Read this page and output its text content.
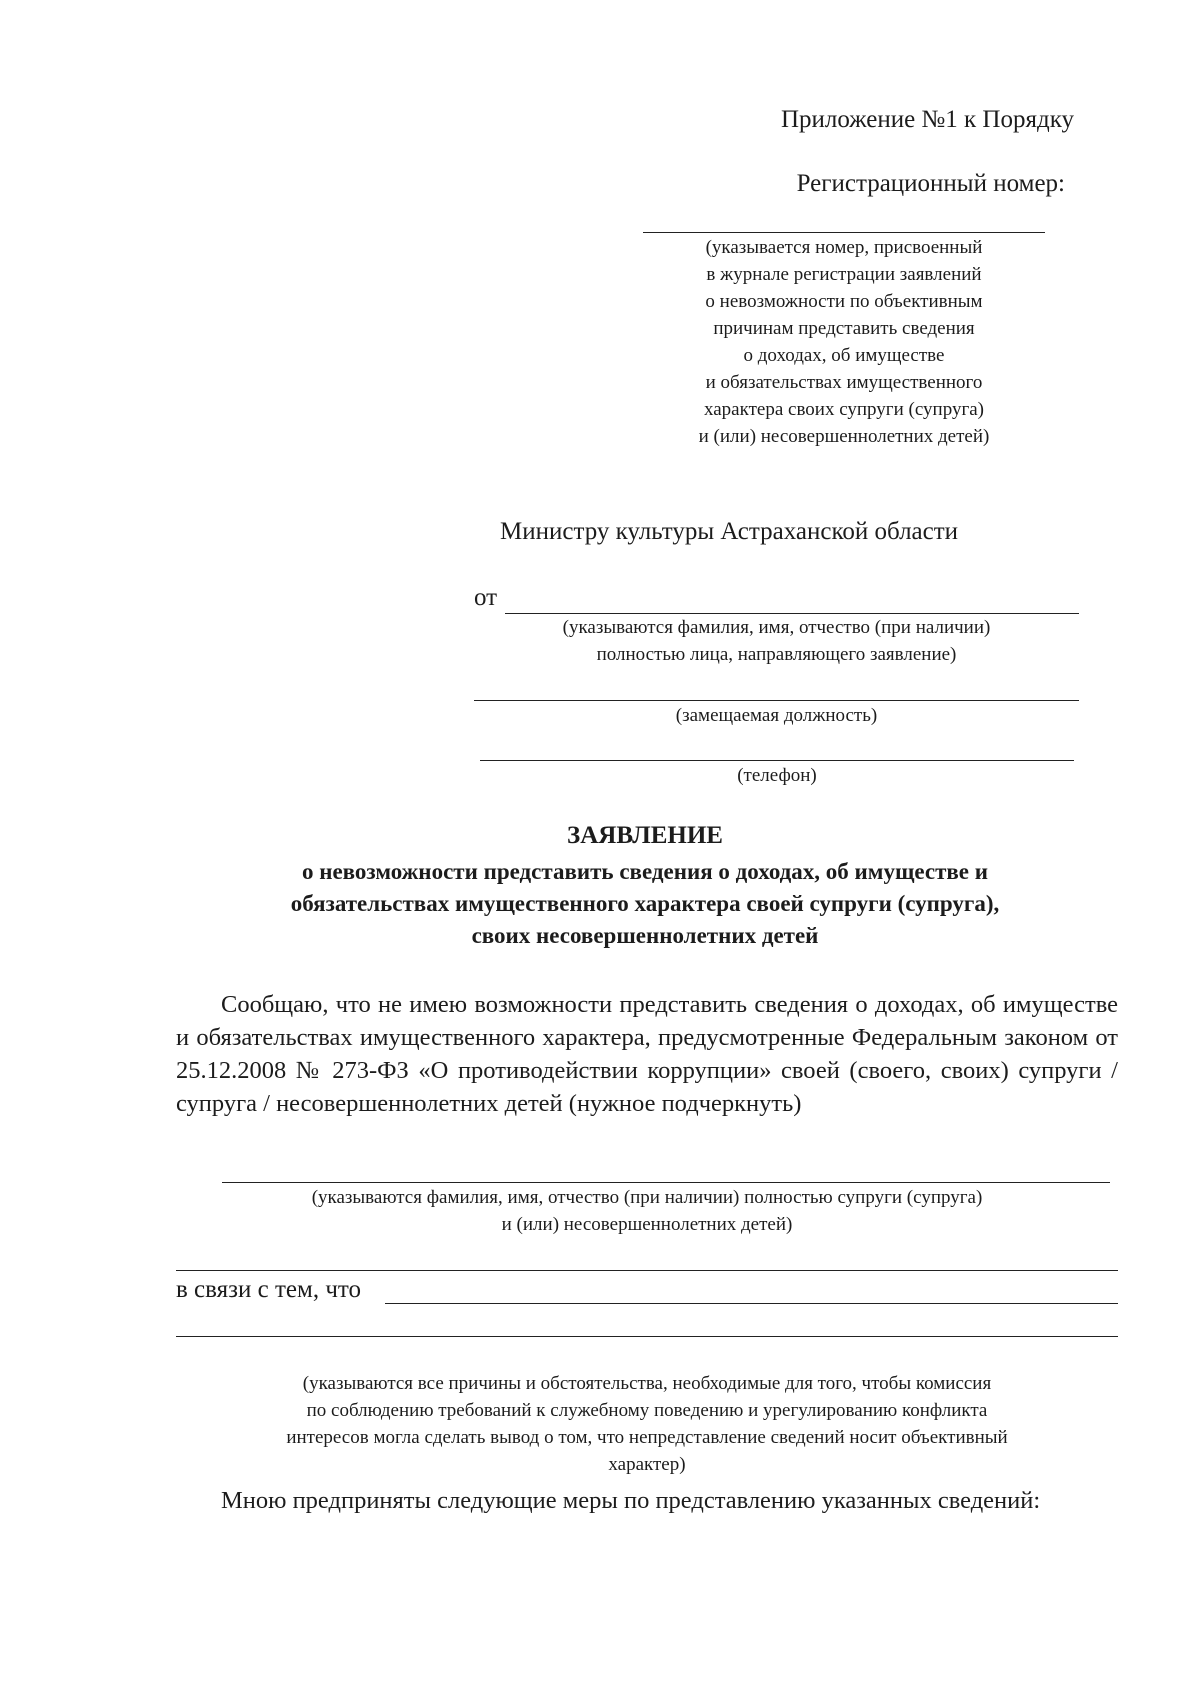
Приложение №1 к Порядку
Регистрационный номер:
(указывается номер, присвоенный
в журнале регистрации заявлений
о невозможности по объективным
причинам представить сведения
о доходах, об имуществе
и обязательствах имущественного
характера своих супруги (супруга)
и (или) несовершеннолетних детей)
Министру культуры Астраханской области
от
(указываются фамилия, имя, отчество (при наличии)
полностью лица, направляющего заявление)
(замещаемая должность)
(телефон)
ЗАЯВЛЕНИЕ
о невозможности представить сведения о доходах, об имуществе и
обязательствах имущественного характера своей супруги (супруга),
своих несовершеннолетних детей
Сообщаю, что не имею возможности представить сведения о доходах, об имуществе и обязательствах имущественного характера, предусмотренные Федеральным законом от 25.12.2008 № 273-ФЗ «О противодействии коррупции» своей (своего, своих) супруги / супруга / несовершеннолетних детей (нужное подчеркнуть)
(указываются фамилия, имя, отчество (при наличии) полностью супруги (супруга)
и (или) несовершеннолетних детей)
в связи с тем, что
(указываются все причины и обстоятельства, необходимые для того, чтобы комиссия
по соблюдению требований к служебному поведению и урегулированию конфликта
интересов могла сделать вывод о том, что непредставление сведений носит объективный
характер)
Мною предприняты следующие меры по представлению указанных сведений:
